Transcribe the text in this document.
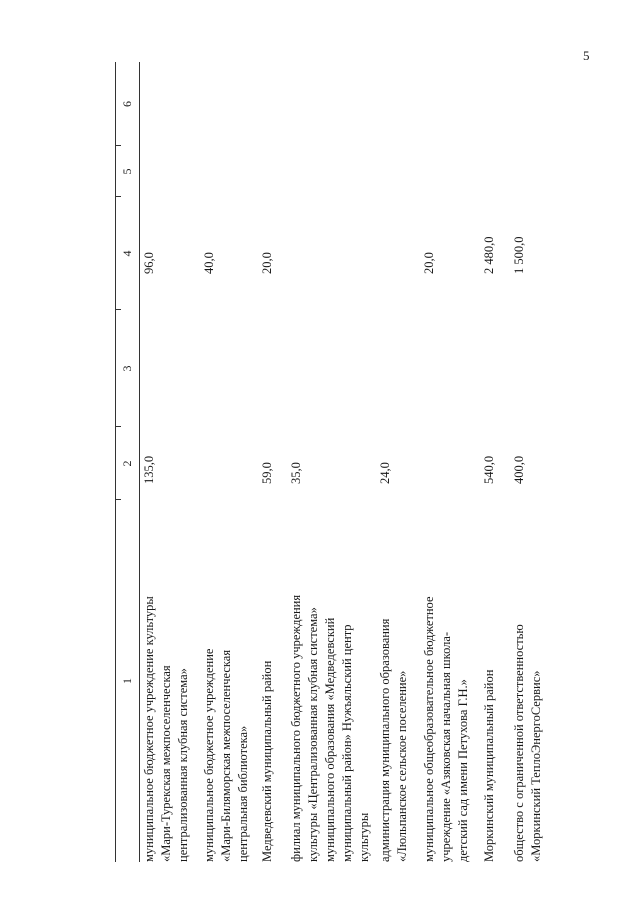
5
1
2
3
4
5
6
муниципальное бюджетное учреждение культуры «Мари-Турекская межпоселенческая централизованная клубная система»
135,0
96,0
муниципальное бюджетное учреждение «Мари-Биляморская межпоселенческая центральная библиотека»
40,0
Медведевский муниципальный район
59,0
20,0
филиал муниципального бюджетного учреждения культуры «Централизованная клубная система» муниципального образования «Медведевский муниципальный район» Нужъяльский центр культуры
35,0
администрация муниципального образования «Люльпанское сельское поселение»
24,0
муниципальное общеобразовательное бюджетное учреждение «Азяковская начальная школа- детский сад имени Петухова Г.Н.»
20,0
Моркинский муниципальный район
540,0
2 480,0
общество с ограниченной ответственностью «Моркинский ТеплоЭнергоСервис»
400,0
1 500,0
